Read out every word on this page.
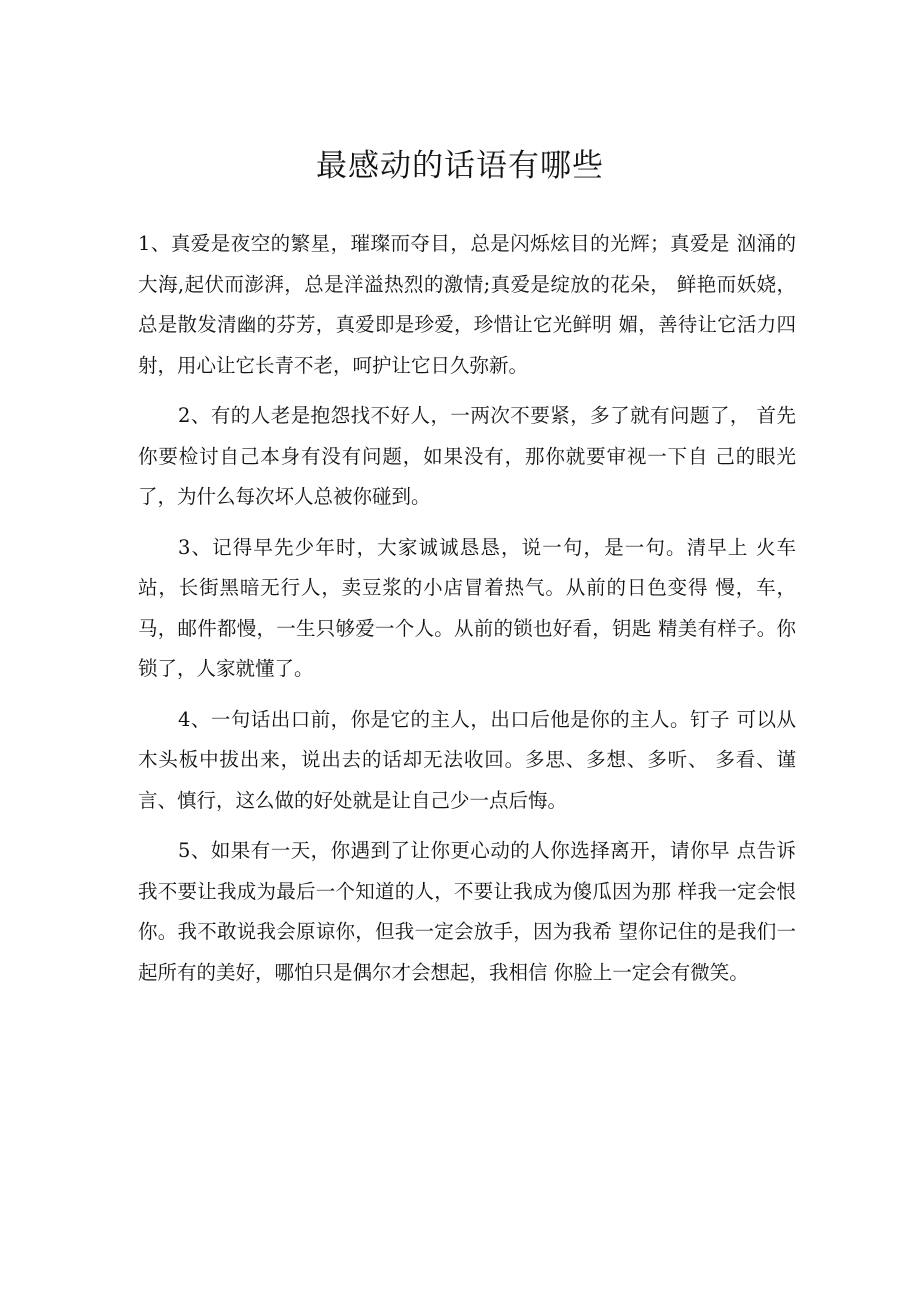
最感动的话语有哪些

1、真爱是夜空的繁星，璀璨而夺目，总是闪烁炫目的光辉；真爱是 汹涌的大海,起伏而澎湃，总是洋溢热烈的激情;真爱是绽放的花朵， 鲜艳而妖娆，总是散发清幽的芬芳，真爱即是珍爱，珍惜让它光鲜明 媚，善待让它活力四射，用心让它长青不老，呵护让它日久弥新。

2、有的人老是抱怨找不好人，一两次不要紧，多了就有问题了， 首先你要检讨自己本身有没有问题，如果没有，那你就要审视一下自 己的眼光了，为什么每次坏人总被你碰到。

3、记得早先少年时，大家诚诚恳恳，说一句，是一句。清早上 火车站，长街黑暗无行人，卖豆浆的小店冒着热气。从前的日色变得 慢，车，马，邮件都慢，一生只够爱一个人。从前的锁也好看，钥匙 精美有样子。你锁了，人家就懂了。

4、一句话出口前，你是它的主人，出口后他是你的主人。钉子 可以从木头板中拔出来，说出去的话却无法收回。多思、多想、多听、 多看、谨言、慎行，这么做的好处就是让自己少一点后悔。

5、如果有一天，你遇到了让你更心动的人你选择离开，请你早 点告诉我不要让我成为最后一个知道的人，不要让我成为傻瓜因为那 样我一定会恨你。我不敢说我会原谅你，但我一定会放手，因为我希 望你记住的是我们一起所有的美好，哪怕只是偶尔才会想起，我相信 你脸上一定会有微笑。
